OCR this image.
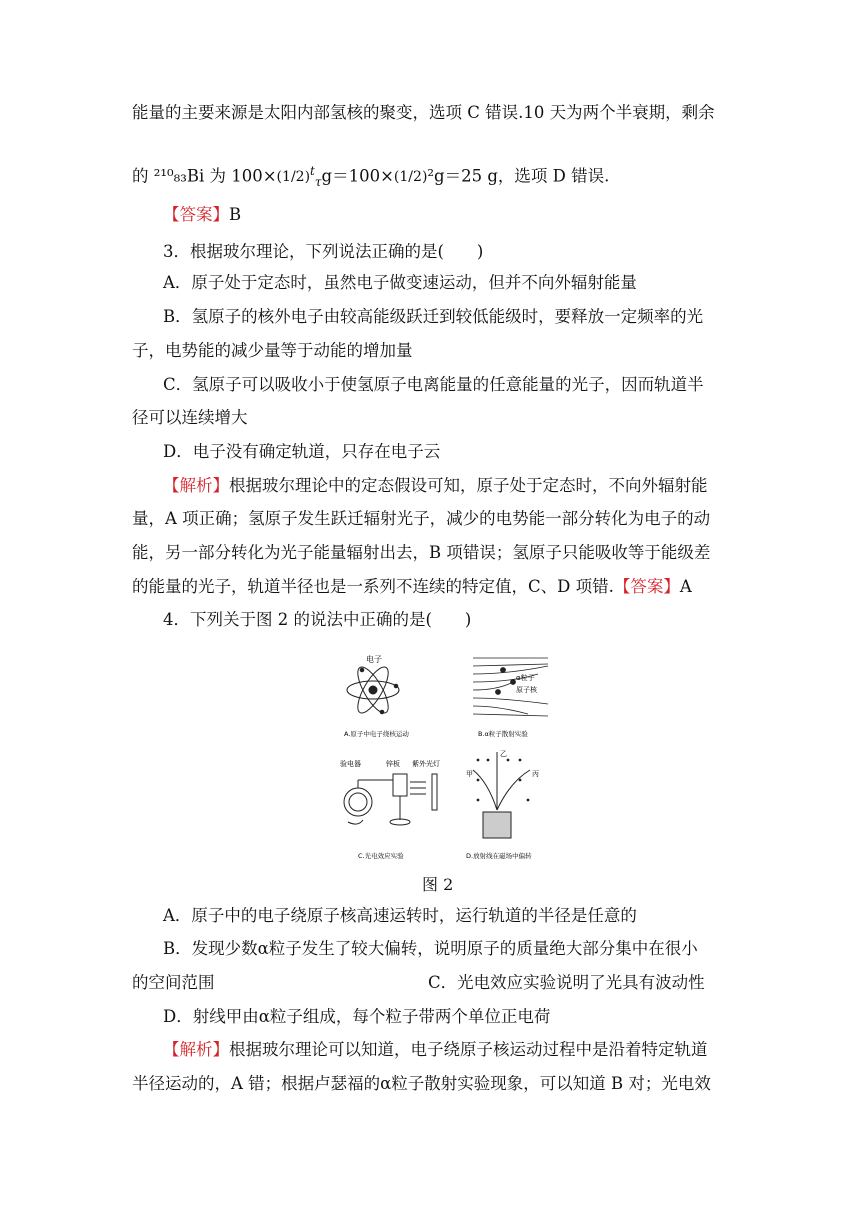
能量的主要来源是太阳内部氢核的聚变，选项 C 错误.10 天为两个半衰期，剩余
的 ²¹⁰₈₃Bi 为 $100\times(1/2)^t_\tau g=100\times(1/2)^2g=25$ g，选项 D 错误.
【答案】B
3．根据玻尔理论，下列说法正确的是(　　)
A．原子处于定态时，虽然电子做变速运动，但并不向外辐射能量
B．氢原子的核外电子由较高能级跃迁到较低能级时，要释放一定频率的光
子，电势能的减少量等于动能的增加量
C．氢原子可以吸收小于使氢原子电离能量的任意能量的光子，因而轨道半
径可以连续增大
D．电子没有确定轨道，只存在电子云
【解析】根据玻尔理论中的定态假设可知，原子处于定态时，不向外辐射能
量，A 项正确；氢原子发生跃迁辐射光子，减少的电势能一部分转化为电子的动
能，另一部分转化为光子能量辐射出去，B 项错误；氢原子只能吸收等于能级差
的能量的光子，轨道半径也是一系列不连续的特定值，C、D 项错.【答案】A
4．下列关于图 2 的说法中正确的是(　　)
电子
A.原子中电子绕核运动
α粒子
原子核
B.α粒子散射实验
验电器	锌板 紫外光灯
C.光电效应实验
乙
甲	丙
D.放射线在磁场中偏转
图 2
A．原子中的电子绕原子核高速运转时，运行轨道的半径是任意的
B．发现少数α粒子发生了较大偏转，说明原子的质量绝大部分集中在很小
的空间范围	C．光电效应实验说明了光具有波动性
D．射线甲由α粒子组成，每个粒子带两个单位正电荷
【解析】根据玻尔理论可以知道，电子绕原子核运动过程中是沿着特定轨道
半径运动的，A 错；根据卢瑟福的α粒子散射实验现象，可以知道 B 对；光电效
